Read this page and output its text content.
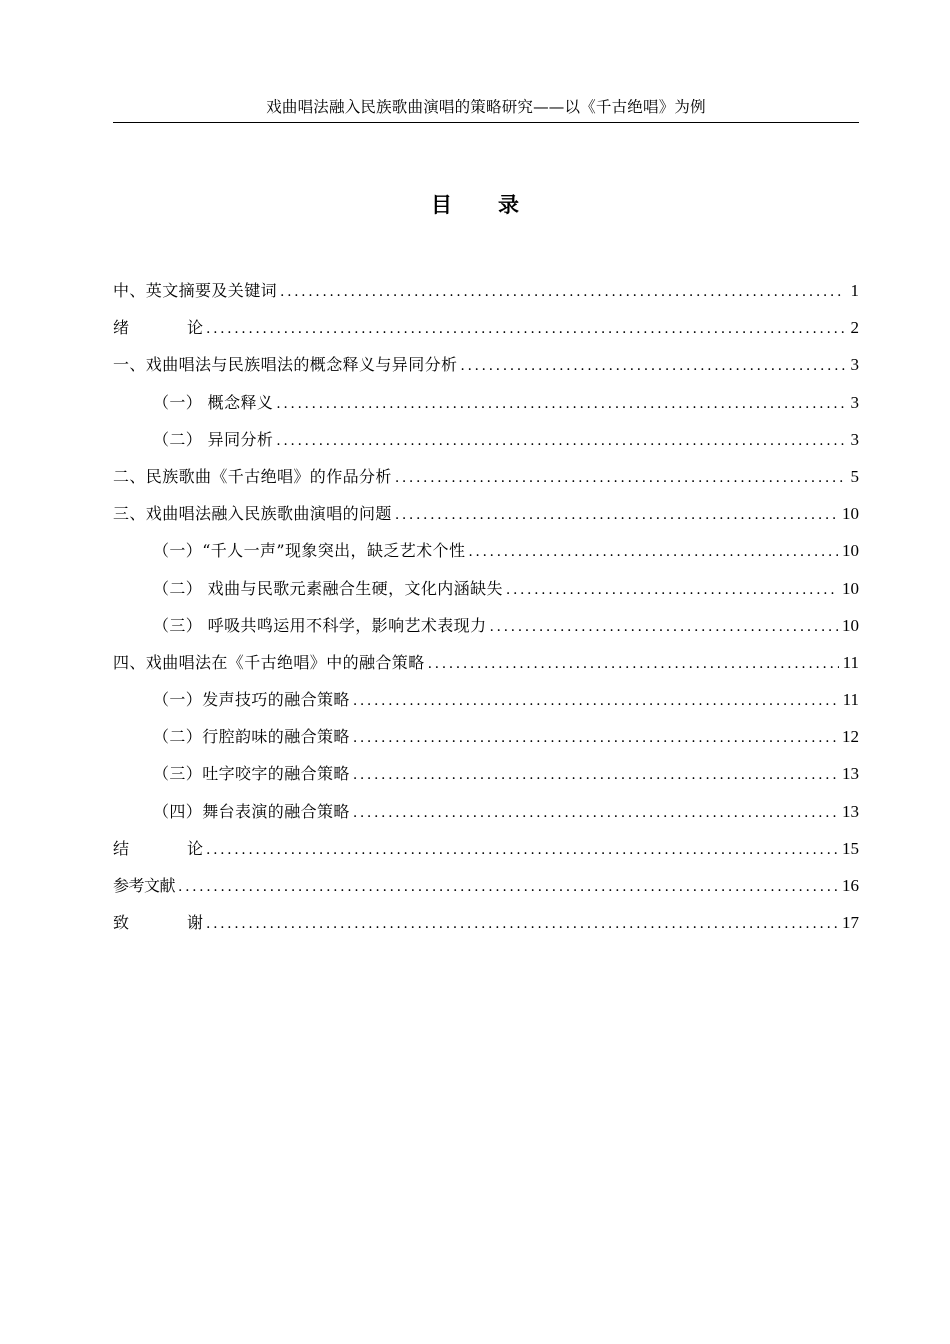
戏曲唱法融入民族歌曲演唱的策略研究——以《千古绝唱》为例
目 录
中、英文摘要及关键词 .....	1
绪	论 .....	2
一、戏曲唱法与民族唱法的概念释义与异同分析 .....	3
（一） 概念释义 .....	3
（二） 异同分析 .....	3
二、民族歌曲《千古绝唱》的作品分析 .....	5
三、戏曲唱法融入民族歌曲演唱的问题 .....	10
（一）“千人一声”现象突出，缺乏艺术个性 .....	10
（二） 戏曲与民歌元素融合生硬，文化内涵缺失 .....	10
（三） 呼吸共鸣运用不科学，影响艺术表现力 .....	10
四、戏曲唱法在《千古绝唱》中的融合策略 .....	11
（一）发声技巧的融合策略 .....	11
（二）行腔韵味的融合策略 .....	12
（三）吐字咬字的融合策略 .....	13
（四）舞台表演的融合策略 .....	13
结	论 .....	15
参考文献 .....	16
致	谢 .....	17
